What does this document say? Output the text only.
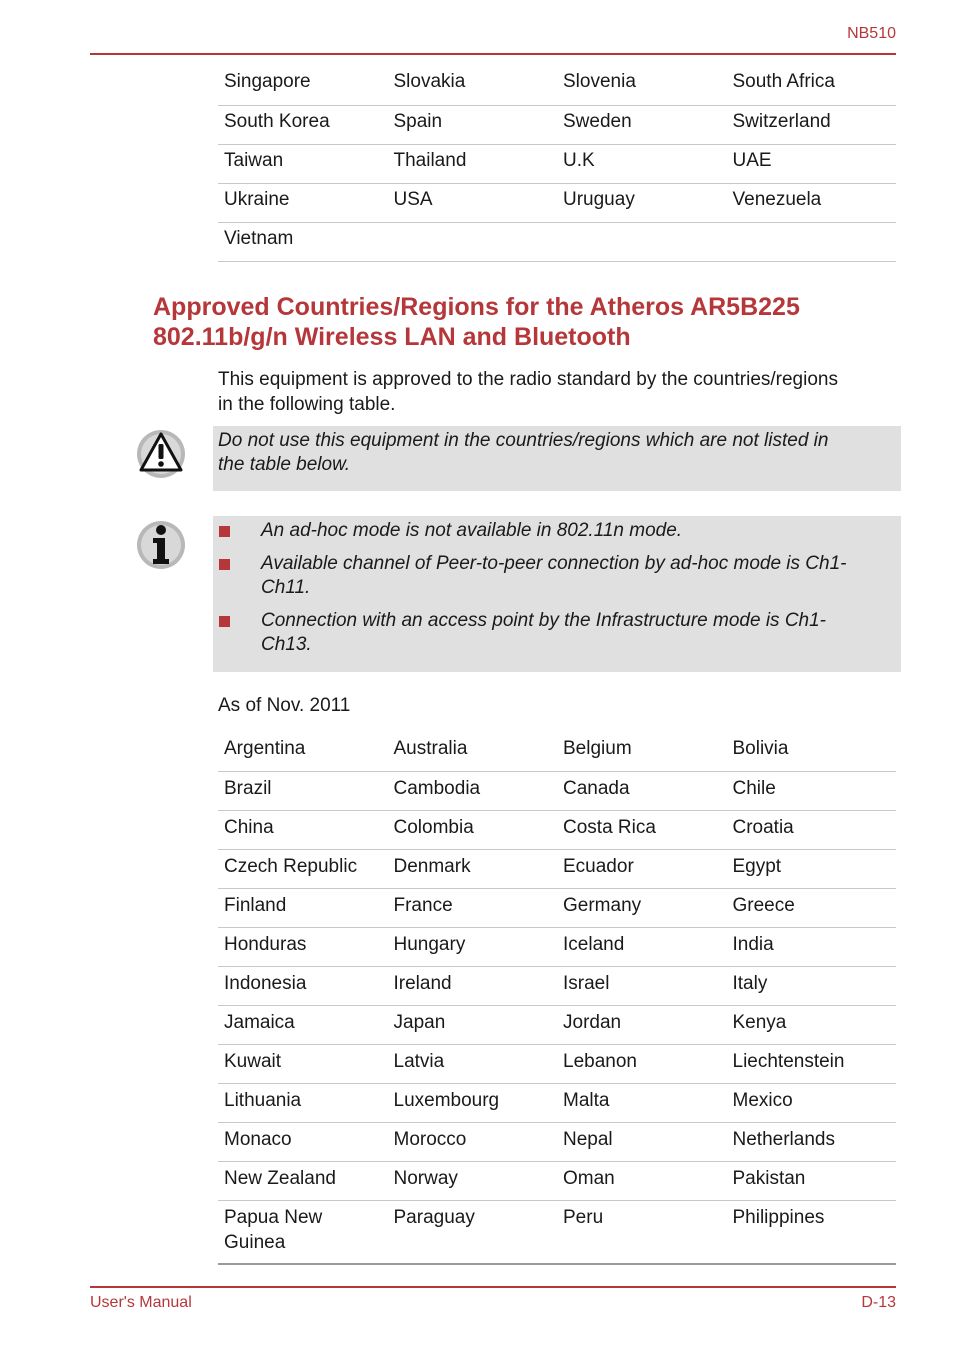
NB510
Singapore	Slovakia	Slovenia	South Africa
South Korea	Spain	Sweden	Switzerland
Taiwan	Thailand	U.K	UAE
Ukraine	USA	Uruguay	Venezuela
Vietnam			
Approved Countries/Regions for the Atheros AR5B225
802.11b/g/n Wireless LAN and Bluetooth
This equipment is approved to the radio standard by the countries/regions
in the following table.
Do not use this equipment in the countries/regions which are not listed in
the table below.
An ad-hoc mode is not available in 802.11n mode.
Available channel of Peer-to-peer connection by ad-hoc mode is Ch1-
Ch11.
Connection with an access point by the Infrastructure mode is Ch1-
Ch13.
As of Nov. 2011
Argentina	Australia	Belgium	Bolivia
Brazil	Cambodia	Canada	Chile
China	Colombia	Costa Rica	Croatia
Czech Republic	Denmark	Ecuador	Egypt
Finland	France	Germany	Greece
Honduras	Hungary	Iceland	India
Indonesia	Ireland	Israel	Italy
Jamaica	Japan	Jordan	Kenya
Kuwait	Latvia	Lebanon	Liechtenstein
Lithuania	Luxembourg	Malta	Mexico
Monaco	Morocco	Nepal	Netherlands
New Zealand	Norway	Oman	Pakistan

Papua New
Guinea	Paraguay	Peru	Philippines
User's Manual	D-13
